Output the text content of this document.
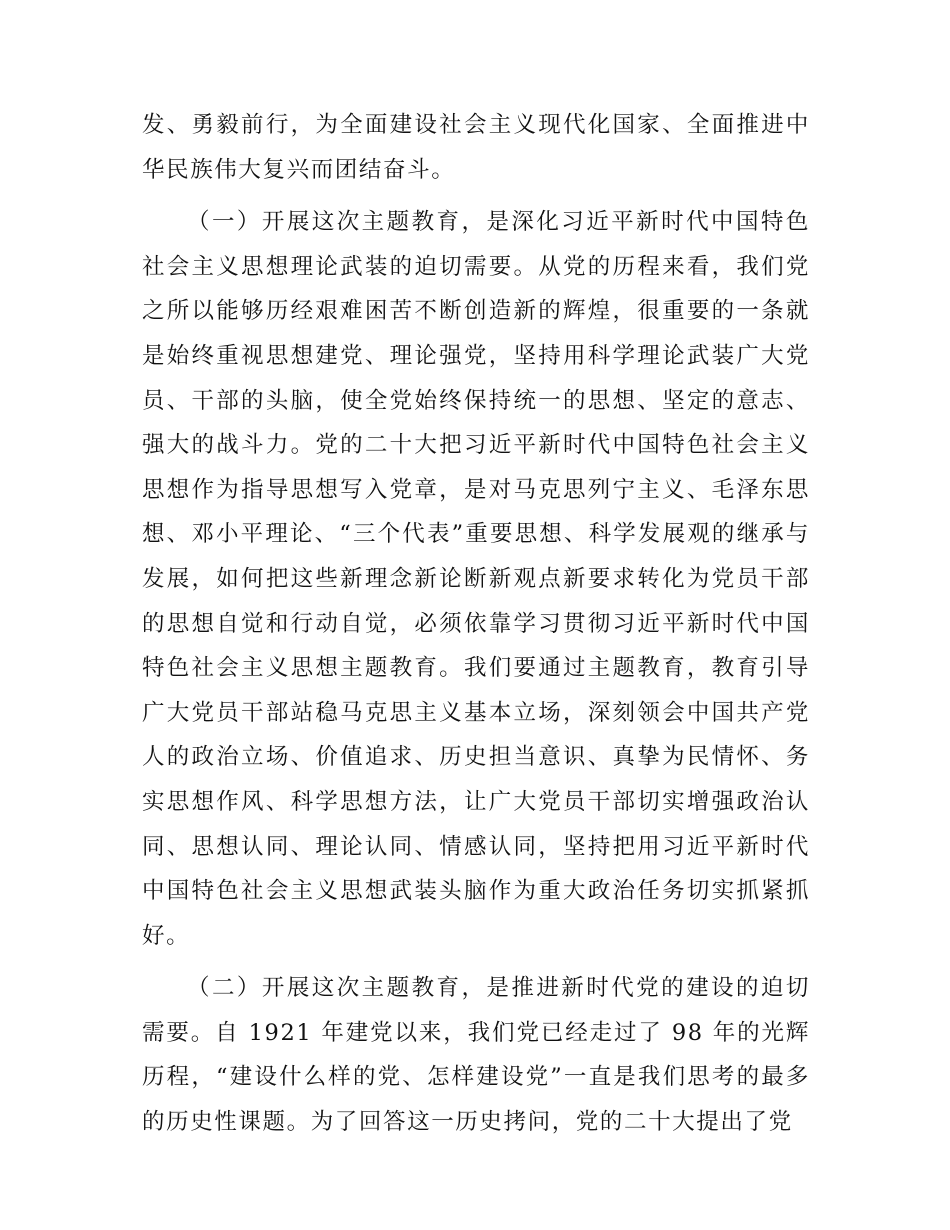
发、勇毅前行，为全面建设社会主义现代化国家、全面推进中华民族伟大复兴而团结奋斗。

（一）开展这次主题教育，是深化习近平新时代中国特色社会主义思想理论武装的迫切需要。从党的历程来看，我们党之所以能够历经艰难困苦不断创造新的辉煌，很重要的一条就是始终重视思想建党、理论强党，坚持用科学理论武装广大党员、干部的头脑，使全党始终保持统一的思想、坚定的意志、强大的战斗力。党的二十大把习近平新时代中国特色社会主义思想作为指导思想写入党章，是对马克思列宁主义、毛泽东思想、邓小平理论、“三个代表”重要思想、科学发展观的继承与发展，如何把这些新理念新论断新观点新要求转化为党员干部的思想自觉和行动自觉，必须依靠学习贯彻习近平新时代中国特色社会主义思想主题教育。我们要通过主题教育，教育引导广大党员干部站稳马克思主义基本立场，深刻领会中国共产党人的政治立场、价值追求、历史担当意识、真挚为民情怀、务实思想作风、科学思想方法，让广大党员干部切实增强政治认同、思想认同、理论认同、情感认同，坚持把用习近平新时代中国特色社会主义思想武装头脑作为重大政治任务切实抓紧抓好。

（二）开展这次主题教育，是推进新时代党的建设的迫切需要。自 1921 年建党以来，我们党已经走过了 98 年的光辉历程，“建设什么样的党、怎样建设党”一直是我们思考的最多的历史性课题。为了回答这一历史拷问，党的二十大提出了党
